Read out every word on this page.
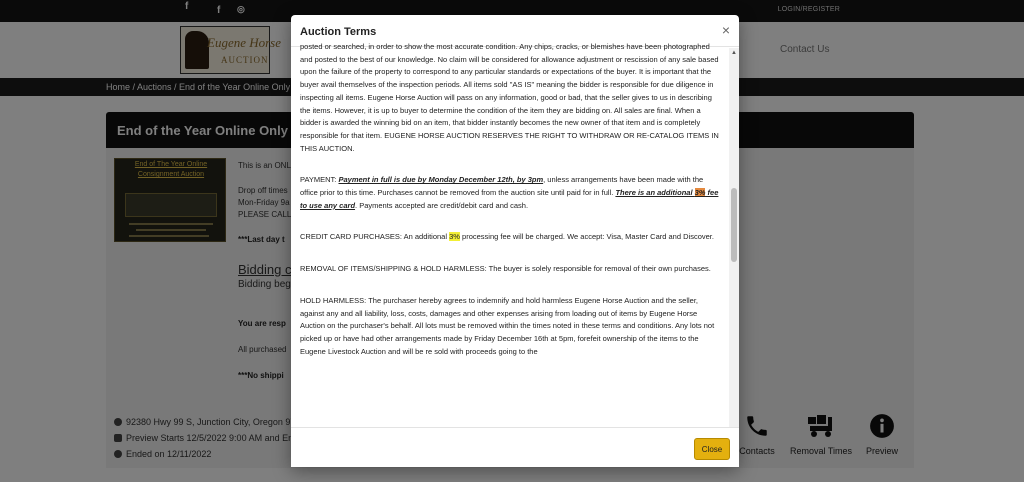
Auction Terms	×

posted or searched, in order to show the most accurate condition. Any chips, cracks, or blemishes have been photographed and posted to the best of our knowledge. No claim will be considered for allowance adjustment or rescission of any sale based upon the failure of the property to correspond to any particular standards or expectations of the buyer. It is important that the buyer avail themselves of the inspection periods. All items sold "AS IS" meaning the bidder is responsible for due diligence in inspecting all items. Eugene Horse Auction will pass on any information, good or bad, that the seller gives to us in describing the items. However, it is up to buyer to determine the condition of the item they are bidding on. All sales are final. When a bidder is awarded the winning bid on an item, that bidder instantly becomes the new owner of that item and is completely responsible for that item. EUGENE HORSE AUCTION RESERVES THE RIGHT TO WITHDRAW OR RE-CATALOG ITEMS IN THIS AUCTION.

PAYMENT: Payment in full is due by Monday December 12th, by 3pm, unless arrangements have been made with the office prior to this time. Purchases cannot be removed from the auction site until paid for in full. There is an additional 3% fee to use any card. Payments accepted are credit/debit card and cash.

CREDIT CARD PURCHASES: An additional 3% processing fee will be charged. We accept: Visa, Master Card and Discover.

REMOVAL OF ITEMS/SHIPPING & HOLD HARMLESS: The buyer is solely responsible for removal of their own purchases.

HOLD HARMLESS: The purchaser hereby agrees to indemnify and hold harmless Eugene Horse Auction and the seller, against any and all liability, loss, costs, damages and other expenses arising from loading out of items by Eugene Horse Auction on the purchaser's behalf. All lots must be removed within the times noted in these terms and conditions. Any lots not picked up or have had other arrangements made by Friday December 16th at 5pm, forefeit ownership of the items to the Eugene Livestock Auction and will be re sold with proceeds going to the

▲
Close
